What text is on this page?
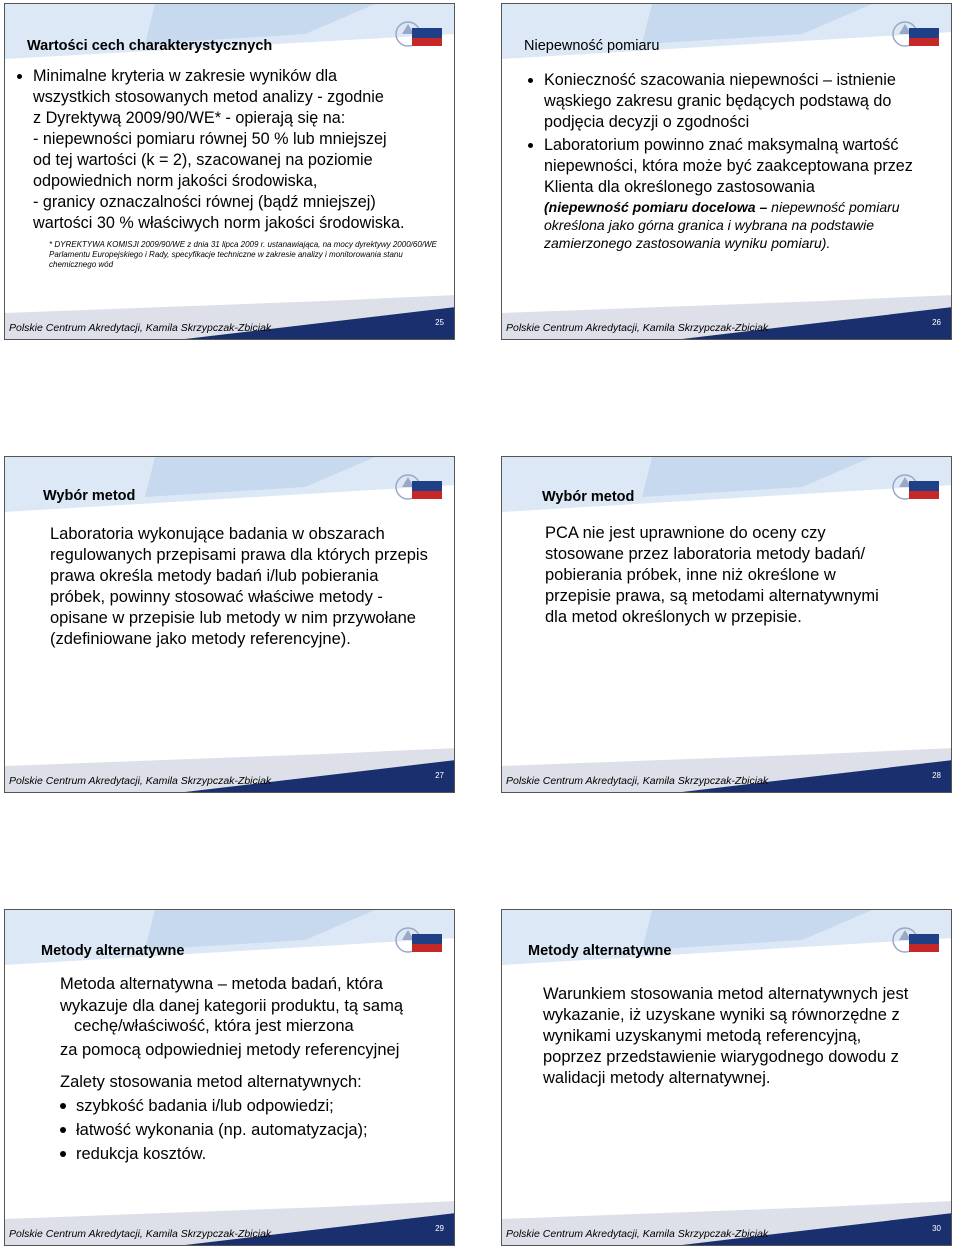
Wartości cech charakterystycznych
• Minimalne kryteria w zakresie wyników dla
wszystkich stosowanych metod analizy - zgodnie
z Dyrektywą 2009/90/WE* - opierają się na:
- niepewności pomiaru równej 50 % lub mniejszej
od tej wartości (k = 2), szacowanej na poziomie
odpowiednich norm jakości środowiska,
- granicy oznaczalności równej (bądź mniejszej)
wartości 30 % właściwych norm jakości środowiska.
* DYREKTYWA KOMISJI 2009/90/WE z dnia 31 lipca 2009 r. ustanawiająca, na mocy dyrektywy 2000/60/WE Parlamentu Europejskiego i Rady, specyfikacje techniczne w zakresie analizy i monitorowania stanu chemicznego wód
Polskie Centrum Akredytacji, Kamila Skrzypczak-Zbiciak	25
Niepewność pomiaru
• Konieczność szacowania niepewności – istnienie wąskiego zakresu granic będących podstawą do podjęcia decyzji o zgodności
• Laboratorium powinno znać maksymalną wartość niepewności, która może być zaakceptowana przez Klienta dla określonego zastosowania
(niepewność pomiaru docelowa – niepewność pomiaru określona jako górna granica i wybrana na podstawie zamierzonego zastosowania wyniku pomiaru).
Polskie Centrum Akredytacji, Kamila Skrzypczak-Zbiciak	26
Wybór metod
Laboratoria wykonujące badania w obszarach regulowanych przepisami prawa dla których przepis prawa określa metody badań i/lub pobierania próbek, powinny stosować właściwe metody - opisane w przepisie lub metody w nim przywołane (zdefiniowane jako metody referencyjne).
Polskie Centrum Akredytacji, Kamila Skrzypczak-Zbiciak	27
Wybór metod
PCA nie jest uprawnione do oceny czy stosowane przez laboratoria metody badań/ pobierania próbek, inne niż określone w przepisie prawa, są metodami alternatywnymi dla metod określonych w przepisie.
Polskie Centrum Akredytacji, Kamila Skrzypczak-Zbiciak	28
Metody alternatywne
Metoda alternatywna – metoda badań, która
wykazuje dla danej kategorii produktu, tą samą
cechę/właściwość, która jest mierzona
za pomocą odpowiedniej metody referencyjnej
Zalety stosowania metod alternatywnych:
szybkość badania i/lub odpowiedzi;
łatwość wykonania (np. automatyzacja);
redukcja kosztów.
Polskie Centrum Akredytacji, Kamila Skrzypczak-Zbiciak	29
Metody alternatywne
Warunkiem stosowania metod alternatywnych jest wykazanie, iż uzyskane wyniki są równorzędne z wynikami uzyskanymi metodą referencyjną, poprzez przedstawienie wiarygodnego dowodu z walidacji metody alternatywnej.
Polskie Centrum Akredytacji, Kamila Skrzypczak-Zbiciak	30
